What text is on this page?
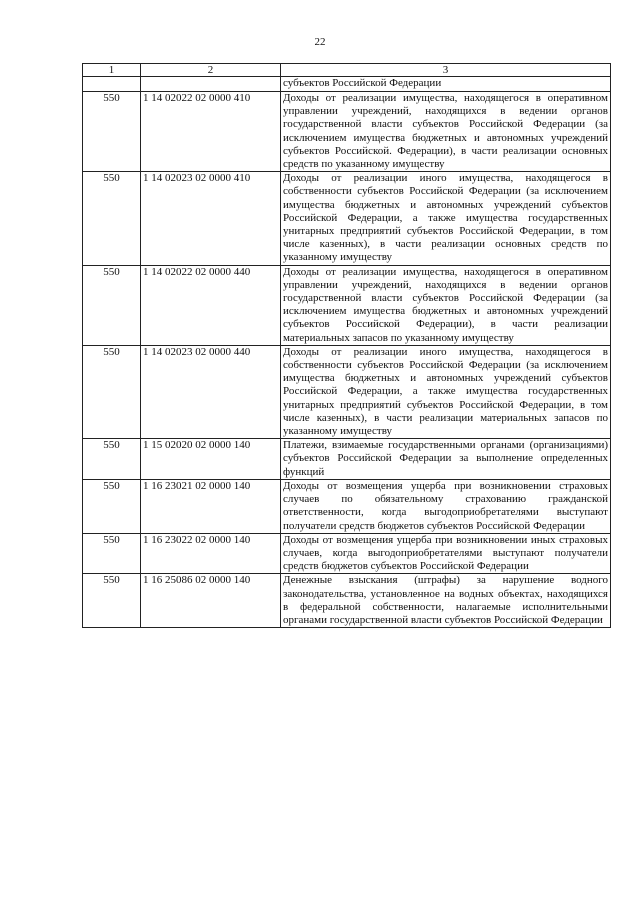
22
1	2	3
		субъектов Российской Федерации
550	1 14 02022 02 0000 410	Доходы от реализации имущества, находящегося в оперативном управлении учреждений, находящихся в ведении органов государственной власти субъектов Российской Федерации (за исключением имущества бюджетных и автономных учреждений субъектов Российской. Федерации), в части реализации основных средств по указанному имуществу
550	1 14 02023 02 0000 410	Доходы от реализации иного имущества, находящегося в собственности субъектов Российской Федерации (за исключением имущества бюджетных и автономных учреждений субъектов Российской Федерации, а также имущества государственных унитарных предприятий субъектов Российской Федерации, в том числе казенных), в части реализации основных средств по указанному имуществу
550	1 14 02022 02 0000 440	Доходы от реализации имущества, находящегося в оперативном управлении учреждений, находящихся в ведении органов государственной власти субъектов Российской Федерации (за исключением имущества бюджетных и автономных учреждений субъектов Российской Федерации), в части реализации материальных запасов по указанному имуществу
550	1 14 02023 02 0000 440	Доходы от реализации иного имущества, находящегося в собственности субъектов Российской Федерации (за исключением имущества бюджетных и автономных учреждений субъектов Российской Федерации, а также имущества государственных унитарных предприятий субъектов Российской Федерации, в том числе казенных), в части реализации материальных запасов по указанному имуществу
550	1 15 02020 02 0000 140	Платежи, взимаемые государственными органами (организациями) субъектов Российской Федерации за выполнение определенных функций
550	1 16 23021 02 0000 140	Доходы от возмещения ущерба при возникновении страховых случаев по обязательному страхованию гражданской ответственности, когда выгодоприобретателями выступают получатели средств бюджетов субъектов Российской Федерации
550	1 16 23022 02 0000 140	Доходы от возмещения ущерба при возникновении иных страховых случаев, когда выгодоприобретателями выступают получатели средств бюджетов субъектов Российской Федерации
550	1 16 25086 02 0000 140	Денежные взыскания (штрафы) за нарушение водного законодательства, установленное на водных объектах, находящихся в федеральной собственности, налагаемые исполнительными органами государственной власти субъектов Российской Федерации
